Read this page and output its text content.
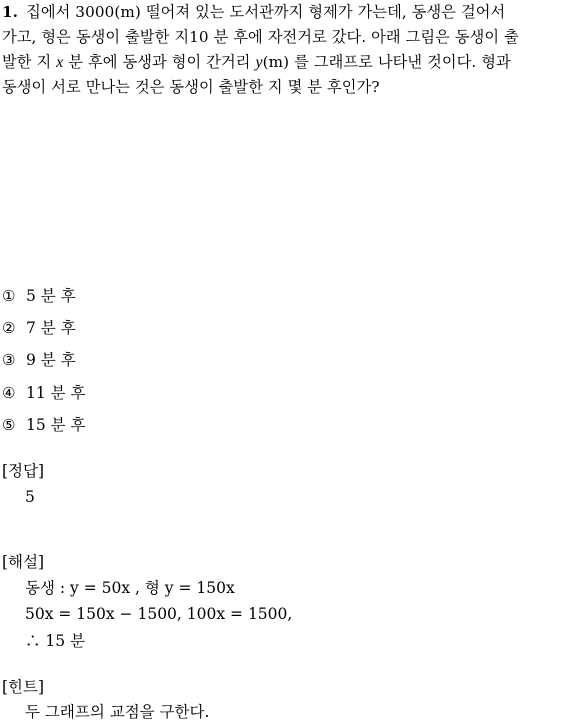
1. 집에서 3000(m) 떨어져 있는 도서관까지 형제가 가는데, 동생은 걸어서
가고, 형은 동생이 출발한 지10 분 후에 자전거로 갔다. 아래 그림은 동생이 출
발한 지 x 분 후에 동생과 형이 간거리 y(m) 를 그래프로 나타낸 것이다. 형과
동생이 서로 만나는 것은 동생이 출발한 지 몇 분 후인가?
① 5 분 후
② 7 분 후
③ 9 분 후
④ 11 분 후
⑤ 15 분 후
[정답]
5
[해설]
동생 : y = 50x , 형 y = 150x
50x = 150x − 1500, 100x = 1500,
∴ 15 분
[힌트]
두 그래프의 교점을 구한다.
